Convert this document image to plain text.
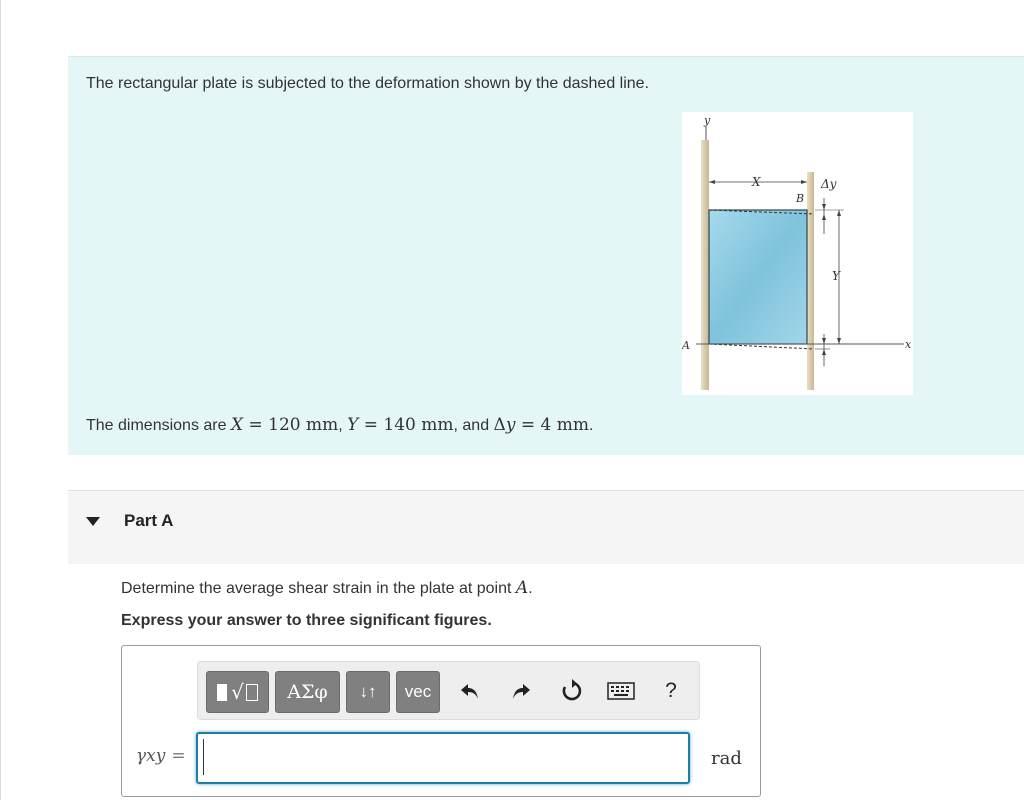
The rectangular plate is subjected to the deformation shown by the dashed line.
y
x
X
B
Δy
Y
A
The dimensions are X = 120 mm, Y = 140 mm, and Δy = 4 mm.
Part A
Determine the average shear strain in the plate at point A.
Express your answer to three significant figures.
√	ΑΣφ	↓↑	vec	?
γxy =	rad
